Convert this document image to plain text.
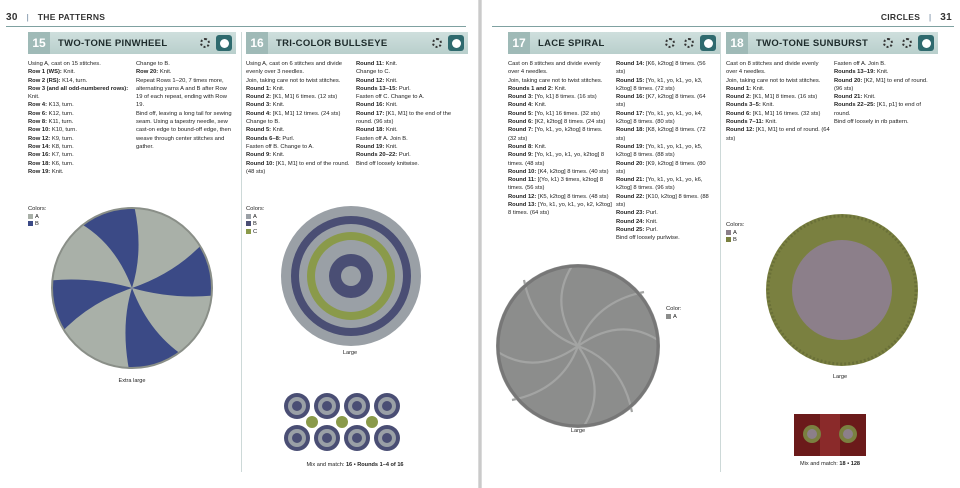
30 | THE PATTERNS
15	TWO-TONE PINWHEEL

Using A, cast on 15 stitches.

Row 1 (WS): Knit.

Row 2 (RS): K14, turn.

Row 3 (and all odd-numbered rows): Knit.

Row 4: K13, turn.

Row 6: K12, turn.

Row 8: K11, turn.

Row 10: K10, turn.

Row 12: K9, turn.

Row 14: K8, turn.

Row 16: K7, turn.

Row 18: K6, turn.

Row 19: Knit.

Change to B.

Row 20: Knit.

Repeat Rows 1–20, 7 times more, alternating yarns A and B after Row 19 of each repeat, ending with Row 19.

Bind off, leaving a long tail for sewing seam. Using a tapestry needle, sew cast-on edge to bound-off edge, then weave through center stitches and gather.

Colors:
A
B
Extra large
16	TRI-COLOR BULLSEYE

Using A, cast on 6 stitches and divide evenly over 3 needles.

Join, taking care not to twist stitches.

Round 1: Knit.

Round 2: [K1, M1] 6 times. (12 sts)

Round 3: Knit.

Round 4: [K1, M1] 12 times. (24 sts)

Change to B.

Round 5: Knit.

Rounds 6–8: Purl.

Fasten off B. Change to A.

Round 9: Knit.

Round 10: [K1, M1] to end of the round. (48 sts)

Round 11: Knit.

Change to C.

Round 12: Knit.

Rounds 13–15: Purl.

Fasten off C. Change to A.

Round 16: Knit.

Round 17: [K1, M1] to the end of the round. (96 sts)

Round 18: Knit.

Fasten off A. Join B.

Round 19: Knit.

Rounds 20–22: Purl.

Bind off loosely knitwise.

Colors:
A
B
C
Large
Mix and match: 16 • Rounds 1–4 of 16
CIRCLES | 31
17	LACE SPIRAL

Cast on 8 stitches and divide evenly over 4 needles.

Join, taking care not to twist stitches.

Rounds 1 and 2: Knit.

Round 3: [Yo, k1] 8 times. (16 sts)

Round 4: Knit.

Round 5: [Yo, k1] 16 times. (32 sts)

Round 6: [K2, k2tog] 8 times. (24 sts)

Round 7: [Yo, k1, yo, k2tog] 8 times. (32 sts)

Round 8: Knit.

Round 9: [Yo, k1, yo, k1, yo, k2tog] 8 times. (48 sts)

Round 10: [K4, k2tog] 8 times. (40 sts)

Round 11: [(Yo, k1) 3 times, k2tog] 8 times. (56 sts)

Round 12: [K5, k2tog] 8 times. (48 sts)

Round 13: [Yo, k1, yo, k1, yo, k2, k2tog] 8 times. (64 sts)

Round 14: [K6, k2tog] 8 times. (56 sts)

Round 15: [Yo, k1, yo, k1, yo, k3, k2tog] 8 times. (72 sts)

Round 16: [K7, k2tog] 8 times. (64 sts)

Round 17: [Yo, k1, yo, k1, yo, k4, k2tog] 8 times. (80 sts)

Round 18: [K8, k2tog] 8 times. (72 sts)

Round 19: [Yo, k1, yo, k1, yo, k5, k2tog] 8 times. (88 sts)

Round 20: [K9, k2tog] 8 times. (80 sts)

Round 21: [Yo, k1, yo, k1, yo, k6, k2tog] 8 times. (96 sts)

Round 22: [K10, k2tog] 8 times. (88 sts)

Round 23: Purl.

Round 24: Knit.

Round 25: Purl.

Bind off loosely purlwise.

Large
Color:
A
18	TWO-TONE SUNBURST

Cast on 8 stitches and divide evenly over 4 needles.

Join, taking care not to twist stitches.

Round 1: Knit.

Round 2: [K1, M1] 8 times. (16 sts)

Rounds 3–5: Knit.

Round 6: [K1, M1] 16 times. (32 sts)

Rounds 7–11: Knit.

Round 12: [K1, M1] to end of round. (64 sts)

Fasten off A. Join B.

Rounds 13–19: Knit.

Round 20: [K2, M1] to end of round. (96 sts)

Round 21: Knit.

Rounds 22–25: [K1, p1] to end of round.

Bind off loosely in rib pattern.

Colors:
A
B
Large
Mix and match: 18 • 128
